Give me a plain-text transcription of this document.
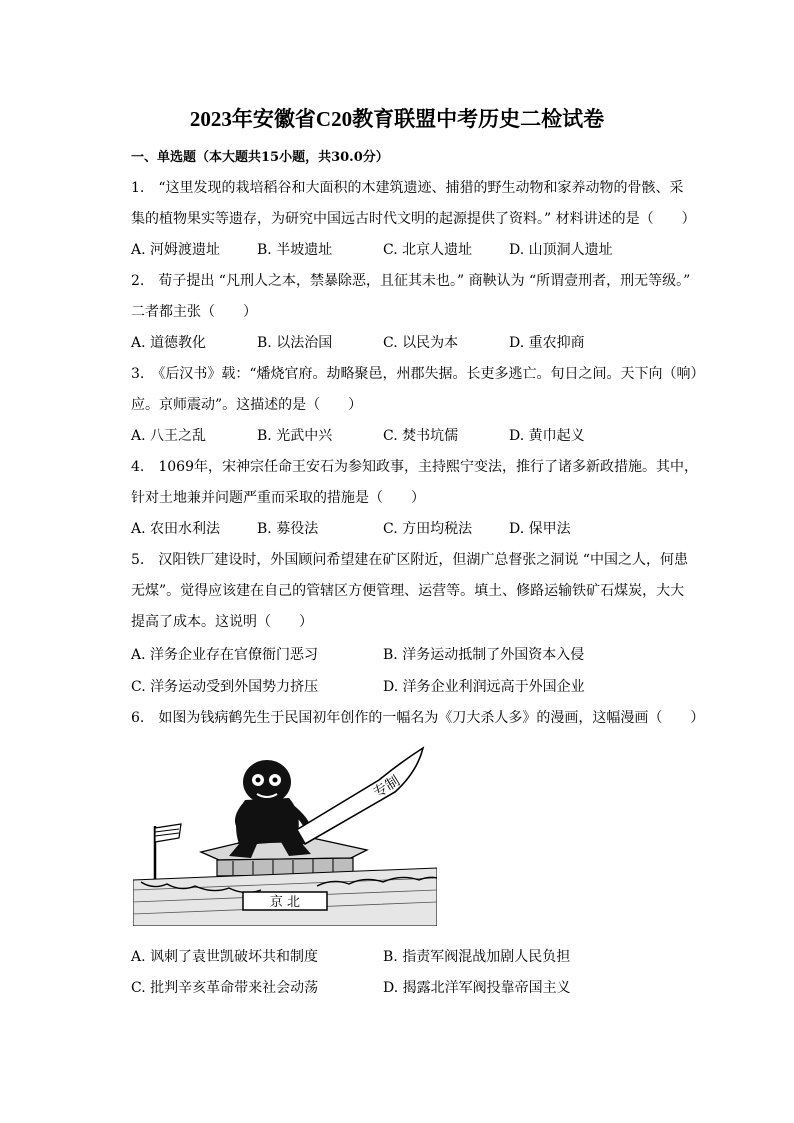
2023年安徽省C20教育联盟中考历史二检试卷
一、单选题（本大题共15小题，共30.0分）
1.　“这里发现的栽培稻谷和大面积的木建筑遗迹、捕猎的野生动物和家养动物的骨骸、采
集的植物果实等遗存，为研究中国远古时代文明的起源提供了资料。” 材料讲述的是（　　）
A. 河姆渡遗址	B. 半坡遗址	C. 北京人遗址	D. 山顶洞人遗址
2.　荀子提出 “凡刑人之本，禁暴除恶，且征其未也。” 商鞅认为 “所谓壹刑者，刑无等级。”
二者都主张（　　）
A. 道德教化	B. 以法治国	C. 以民为本	D. 重农抑商
3.　《后汉书》载：“燔烧官府。劫略聚邑，州郡失据。长吏多逃亡。旬日之间。天下向（响）
应。京师震动”。这描述的是（　　）
A. 八王之乱	B. 光武中兴	C. 焚书坑儒	D. 黄巾起义
4.　1069年，宋神宗任命王安石为参知政事，主持熙宁变法，推行了诸多新政措施。其中，
针对土地兼并问题严重而采取的措施是（　　）
A. 农田水利法	B. 募役法	C. 方田均税法	D. 保甲法
5.　汉阳铁厂建设时，外国顾问希望建在矿区附近，但湖广总督张之洞说 “中国之人，何患
无煤”。觉得应该建在自己的管辖区方便管理、运营等。填土、修路运输铁矿石煤炭，大大
提高了成本。这说明（　　）
A. 洋务企业存在官僚衙门恶习	B. 洋务运动抵制了外国资本入侵
C. 洋务运动受到外国势力挤压	D. 洋务企业利润远高于外国企业
6.　如图为钱病鹤先生于民国初年创作的一幅名为《刀大杀人多》的漫画，这幅漫画（　　）
京 北
专制
A. 讽刺了袁世凯破坏共和制度	B. 指责军阀混战加剧人民负担
C. 批判辛亥革命带来社会动荡	D. 揭露北洋军阀投靠帝国主义
